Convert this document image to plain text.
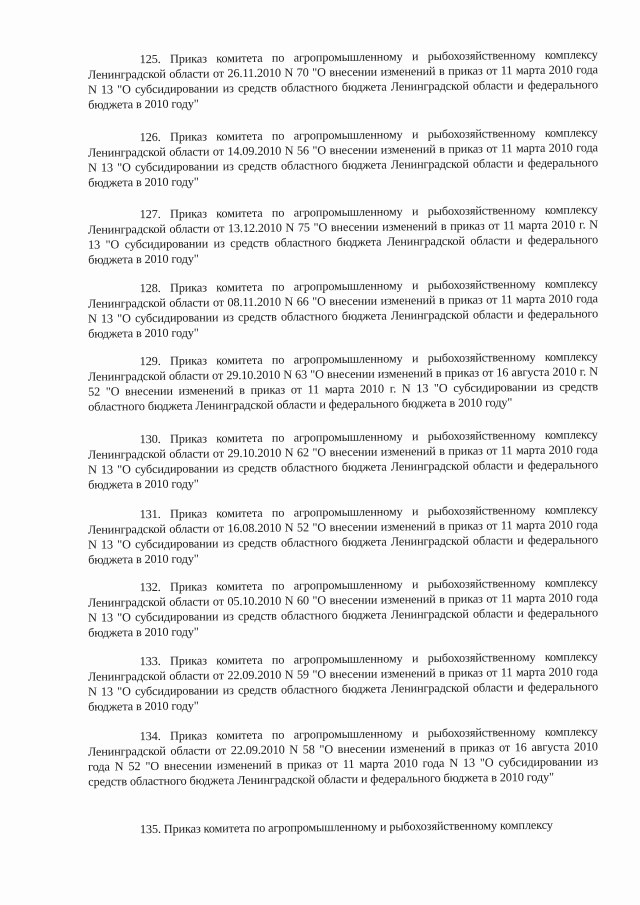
125. Приказ комитета по агропромышленному и рыбохозяйственному комплексу Ленинградской области от 26.11.2010 N 70 "О внесении изменений в приказ от 11 марта 2010 года N 13 "О субсидировании из средств областного бюджета Ленинградской области и федерального бюджета в 2010 году"

126. Приказ комитета по агропромышленному и рыбохозяйственному комплексу Ленинградской области от 14.09.2010 N 56 "О внесении изменений в приказ от 11 марта 2010 года N 13 "О субсидировании из средств областного бюджета Ленинградской области и федерального бюджета в 2010 году"

127. Приказ комитета по агропромышленному и рыбохозяйственному комплексу Ленинградской области от 13.12.2010 N 75 "О внесении изменений в приказ от 11 марта 2010 г. N 13 "О субсидировании из средств областного бюджета Ленинградской области и федерального бюджета в 2010 году"

128. Приказ комитета по агропромышленному и рыбохозяйственному комплексу Ленинградской области от 08.11.2010 N 66 "О внесении изменений в приказ от 11 марта 2010 года N 13 "О субсидировании из средств областного бюджета Ленинградской области и федерального бюджета в 2010 году"

129. Приказ комитета по агропромышленному и рыбохозяйственному комплексу Ленинградской области от 29.10.2010 N 63 "О внесении изменений в приказ от 16 августа 2010 г. N 52 "О внесении изменений в приказ от 11 марта 2010 г. N 13 "О субсидировании из средств областного бюджета Ленинградской области и федерального бюджета в 2010 году"

130. Приказ комитета по агропромышленному и рыбохозяйственному комплексу Ленинградской области от 29.10.2010 N 62 "О внесении изменений в приказ от 11 марта 2010 года N 13 "О субсидировании из средств областного бюджета Ленинградской области и федерального бюджета в 2010 году"

131. Приказ комитета по агропромышленному и рыбохозяйственному комплексу Ленинградской области от 16.08.2010 N 52 "О внесении изменений в приказ от 11 марта 2010 года N 13 "О субсидировании из средств областного бюджета Ленинградской области и федерального бюджета в 2010 году"

132. Приказ комитета по агропромышленному и рыбохозяйственному комплексу Ленинградской области от 05.10.2010 N 60 "О внесении изменений в приказ от 11 марта 2010 года N 13 "О субсидировании из средств областного бюджета Ленинградской области и федерального бюджета в 2010 году"

133. Приказ комитета по агропромышленному и рыбохозяйственному комплексу Ленинградской области от 22.09.2010 N 59 "О внесении изменений в приказ от 11 марта 2010 года N 13 "О субсидировании из средств областного бюджета Ленинградской области и федерального бюджета в 2010 году"

134. Приказ комитета по агропромышленному и рыбохозяйственному комплексу Ленинградской области от 22.09.2010 N 58 "О внесении изменений в приказ от 16 августа 2010 года N 52 "О внесении изменений в приказ от 11 марта 2010 года N 13 "О субсидировании из средств областного бюджета Ленинградской области и федерального бюджета в 2010 году"

135. Приказ комитета по агропромышленному и рыбохозяйственному комплексу
